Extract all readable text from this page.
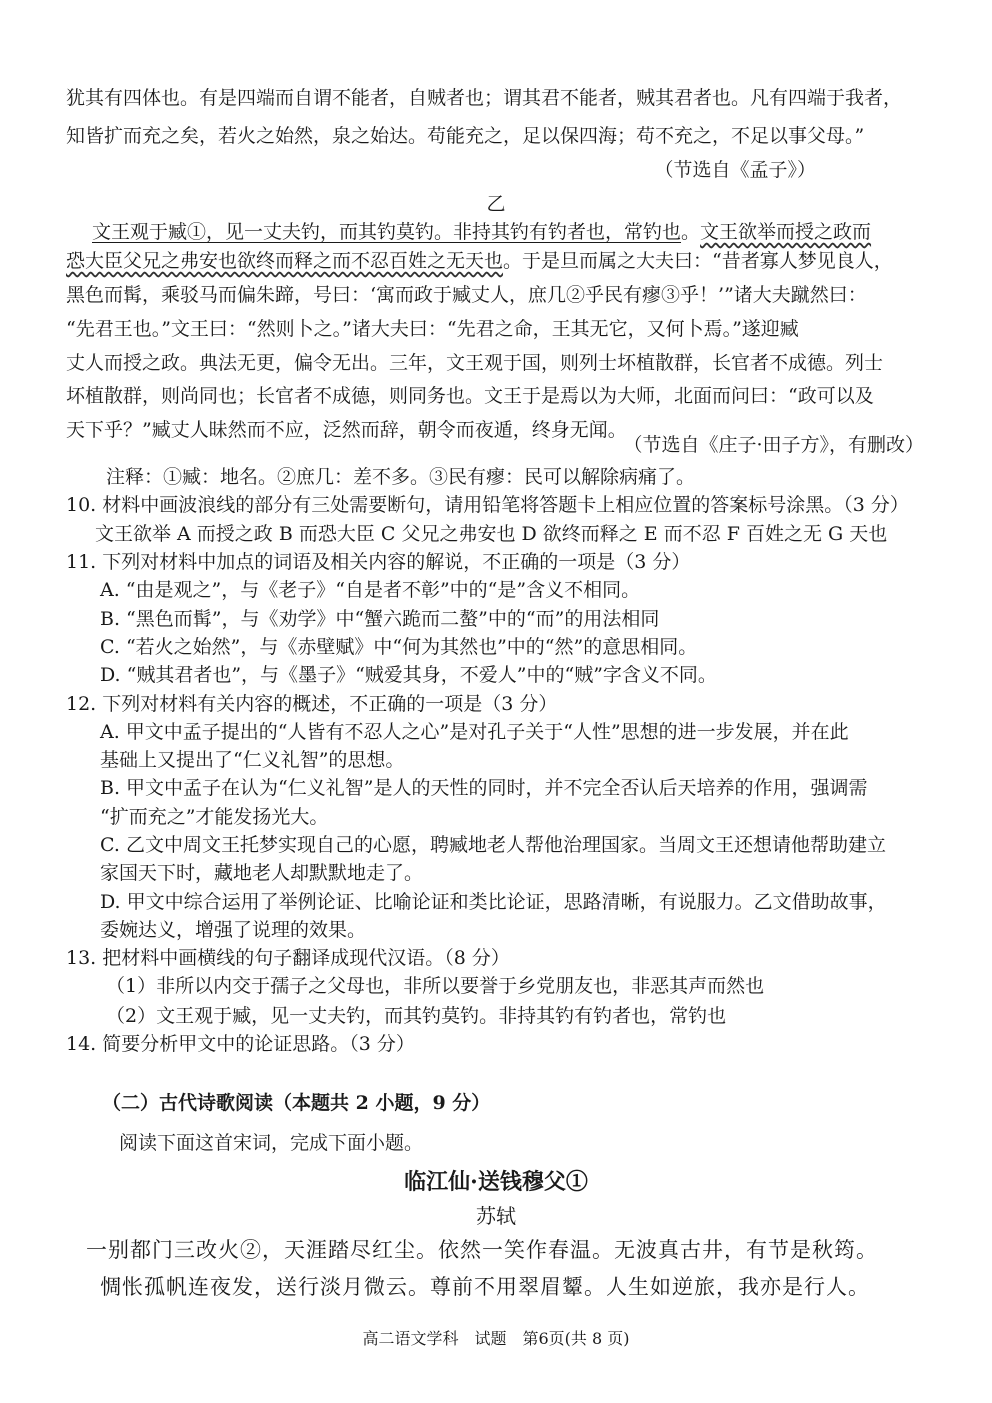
犹其有四体也。有是四端而自谓不能者，自贼者也；谓其君不能者，贼其君者也。凡有四端于我者，
知皆扩而充之矣，若火之始然，泉之始达。苟能充之，足以保四海；苟不充之，不足以事父母。”
（节选自《孟子》）
乙
文王观于臧①，见一丈夫钓，而其钓莫钓。非持其钓有钓者也，常钓也。文王欲举而授之政而
恐大臣父兄之弗安也欲终而释之而不忍百姓之无天也。于是旦而属之大夫曰：“昔者寡人梦见良人，
黑色而髯，乘驳马而偏朱蹄，号曰：‘寓而政于臧丈人，庶几②乎民有瘳③乎！’”诸大夫蹴然曰：
“先君王也。”文王曰：“然则卜之。”诸大夫曰：“先君之命，王其无它，又何卜焉。”遂迎臧
丈人而授之政。典法无更，偏令无出。三年，文王观于国，则列士坏植散群，长官者不成德。列士
坏植散群，则尚同也；长官者不成德，则同务也。文王于是焉以为大师，北面而问曰：“政可以及
天下乎？”臧丈人昧然而不应，泛然而辞，朝令而夜遁，终身无闻。
（节选自《庄子·田子方》，有删改）
注释：①臧：地名。②庶几：差不多。③民有瘳：民可以解除病痛了。
10. 材料中画波浪线的部分有三处需要断句，请用铅笔将答题卡上相应位置的答案标号涂黑。（3 分）
文王欲举 A 而授之政 B 而恐大臣 C 父兄之弗安也 D 欲终而释之 E 而不忍 F 百姓之无 G 天也
11. 下列对材料中加点的词语及相关内容的解说，不正确的一项是（3 分）
A. “由是观之”，与《老子》“自是者不彰”中的“是”含义不相同。
B. “黑色而髯”，与《劝学》中“蟹六跪而二螯”中的“而”的用法相同
C. “若火之始然”，与《赤壁赋》中“何为其然也”中的“然”的意思相同。
D. “贼其君者也”，与《墨子》“贼爱其身，不爱人”中的“贼”字含义不同。
12. 下列对材料有关内容的概述，不正确的一项是（3 分）
A. 甲文中孟子提出的“人皆有不忍人之心”是对孔子关于“人性”思想的进一步发展，并在此
基础上又提出了“仁义礼智”的思想。
B. 甲文中孟子在认为“仁义礼智”是人的天性的同时，并不完全否认后天培养的作用，强调需
“扩而充之”才能发扬光大。
C. 乙文中周文王托梦实现自己的心愿，聘臧地老人帮他治理国家。当周文王还想请他帮助建立
家国天下时，藏地老人却默默地走了。
D. 甲文中综合运用了举例论证、比喻论证和类比论证，思路清晰，有说服力。乙文借助故事，
委婉达义，增强了说理的效果。
13. 把材料中画横线的句子翻译成现代汉语。（8 分）
（1）非所以内交于孺子之父母也，非所以要誉于乡党朋友也，非恶其声而然也
（2）文王观于臧，见一丈夫钓，而其钓莫钓。非持其钓有钓者也，常钓也
14. 简要分析甲文中的论证思路。（3 分）
（二）古代诗歌阅读（本题共 2 小题，9 分）
阅读下面这首宋词，完成下面小题。
临江仙·送钱穆父①
苏轼
一别都门三改火②，天涯踏尽红尘。依然一笑作春温。无波真古井，有节是秋筠。
惆怅孤帆连夜发，送行淡月微云。尊前不用翠眉颦。人生如逆旅，我亦是行人。
高二语文学科　试题　第6页(共 8 页)
